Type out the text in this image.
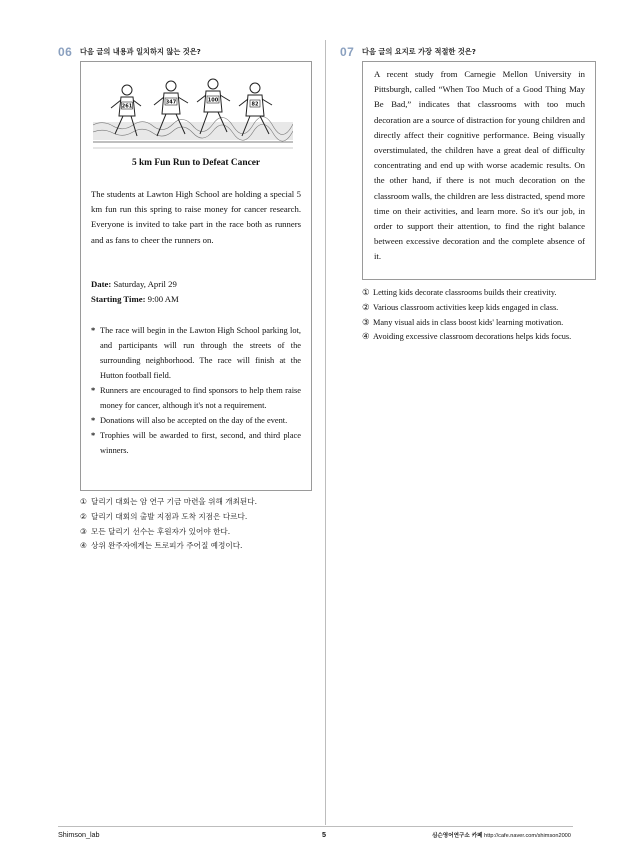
06 다음 글의 내용과 일치하지 않는 것은?
261
347	100
82
5 km Fun Run to Defeat Cancer

The students at Lawton High School are holding a special 5 km fun run this spring to raise money for cancer research. Everyone is invited to take part in the race both as runners and as fans to cheer the runners on.

Date: Saturday, April 29
Starting Time: 9:00 AM
* The race will begin in the Lawton High School parking lot, and participants will run through the streets of the surrounding neighborhood. The race will finish at the Hutton football field.
* Runners are encouraged to find sponsors to help them raise money for cancer, although it's not a requirement.
* Donations will also be accepted on the day of the event.
* Trophies will be awarded to first, second, and third place winners.
① 달리기 대회는 암 연구 기금 마련을 위해 개최된다.
② 달리기 대회의 출발 지점과 도착 지점은 다르다.
③ 모든 달리기 선수는 후원자가 있어야 한다.
④ 상위 완주자에게는 트로피가 주어질 예정이다.
07 다음 글의 요지로 가장 적절한 것은?

A recent study from Carnegie Mellon University in Pittsburgh, called “When Too Much of a Good Thing May Be Bad,” indicates that classrooms with too much decoration are a source of distraction for young children and directly affect their cognitive performance. Being visually overstimulated, the children have a great deal of difficulty concentrating and end up with worse academic results. On the other hand, if there is not much decoration on the classroom walls, the children are less distracted, spend more time on their activities, and learn more. So it's our job, in order to support their attention, to find the right balance between excessive decoration and the complete absence of it.

① Letting kids decorate classrooms builds their creativity.
② Various classroom activities keep kids engaged in class.
③ Many visual aids in class boost kids' learning motivation.
④ Avoiding excessive classroom decorations helps kids focus.
Shimson_lab	5	심슨영어연구소 카페 http://cafe.naver.com/shimson2000
